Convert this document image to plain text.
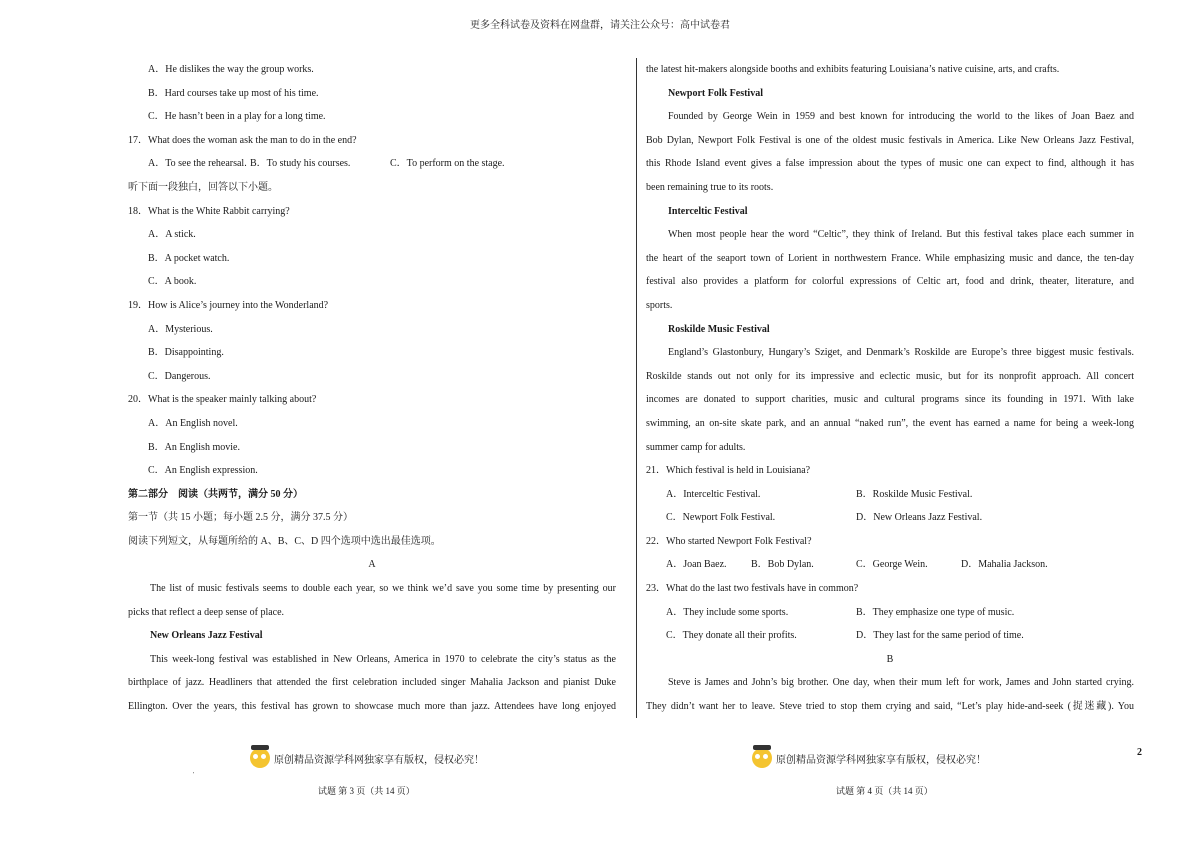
更多全科试卷及资料在网盘群，请关注公众号：高中试卷君
A．He dislikes the way the group works.
B．Hard courses take up most of his time.
C．He hasn’t been in a play for a long time.
17．What does the woman ask the man to do in the end?
A．To see the rehearsal. B．To study his courses.	C．To perform on the stage.
听下面一段独白，回答以下小题。
18．What is the White Rabbit carrying?
A．A stick.
B．A pocket watch.
C．A book.
19．How is Alice’s journey into the Wonderland?
A．Mysterious.
B．Disappointing.
C．Dangerous.
20．What is the speaker mainly talking about?
A．An English novel.
B．An English movie.
C．An English expression.
第二部分　阅读（共两节，满分 50 分）
第一节（共 15 小题；每小题 2.5 分，满分 37.5 分）
阅读下列短文，从每题所给的 A、B、C、D 四个选项中选出最佳选项。
A
The list of music festivals seems to double each year, so we think we’d save you some time by presenting our
picks that reflect a deep sense of place.
New Orleans Jazz Festival
This week-long festival was established in New Orleans, America in 1970 to celebrate the city’s status as the
birthplace of jazz. Headliners that attended the first celebration included singer Mahalia Jackson and pianist Duke
Ellington. Over the years, this festival has grown to showcase much more than jazz. Attendees have long enjoyed
the latest hit-makers alongside booths and exhibits featuring Louisiana’s native cuisine, arts, and crafts.
Newport Folk Festival
Founded by George Wein in 1959 and best known for introducing the world to the likes of Joan Baez and
Bob Dylan, Newport Folk Festival is one of the oldest music festivals in America. Like New Orleans Jazz Festival,
this Rhode Island event gives a false impression about the types of music one can expect to find, although it has
been remaining true to its roots.
Interceltic Festival
When most people hear the word “Celtic”, they think of Ireland. But this festival takes place each summer in
the heart of the seaport town of Lorient in northwestern France. While emphasizing music and dance, the ten-day
festival also provides a platform for colorful expressions of Celtic art, food and drink, theater, literature, and
sports.
Roskilde Music Festival
England’s Glastonbury, Hungary’s Sziget, and Denmark’s Roskilde are Europe’s three biggest music festivals.
Roskilde stands out not only for its impressive and eclectic music, but for its nonprofit approach. All concert
incomes are donated to support charities, music and cultural programs since its founding in 1971. With lake
swimming, an on-site skate park, and an annual “naked run”, the event has earned a name for being a week-long
summer camp for adults.
21．Which festival is held in Louisiana?
A．Interceltic Festival.	B．Roskilde Music Festival.
C．Newport Folk Festival.	D．New Orleans Jazz Festival.
22．Who started Newport Folk Festival?
A．Joan Baez. B．Bob Dylan.	C．George Wein.	D．Mahalia Jackson.
23．What do the last two festivals have in common?
A．They include some sports.	B．They emphasize one type of music.
C．They donate all their profits.	D．They last for the same period of time.
B
Steve is James and John’s big brother. One day, when their mum left for work, James and John started crying.
They didn’t want her to leave. Steve tried to stop them crying and said, “Let’s play hide-and-seek (捉迷藏). You
原创精品资源学科网独家享有版权，侵权必究！	原创精品资源学科网独家享有版权，侵权必究！
'
2
试题 第 3 页（共 14 页）	试题 第 4 页（共 14 页）
